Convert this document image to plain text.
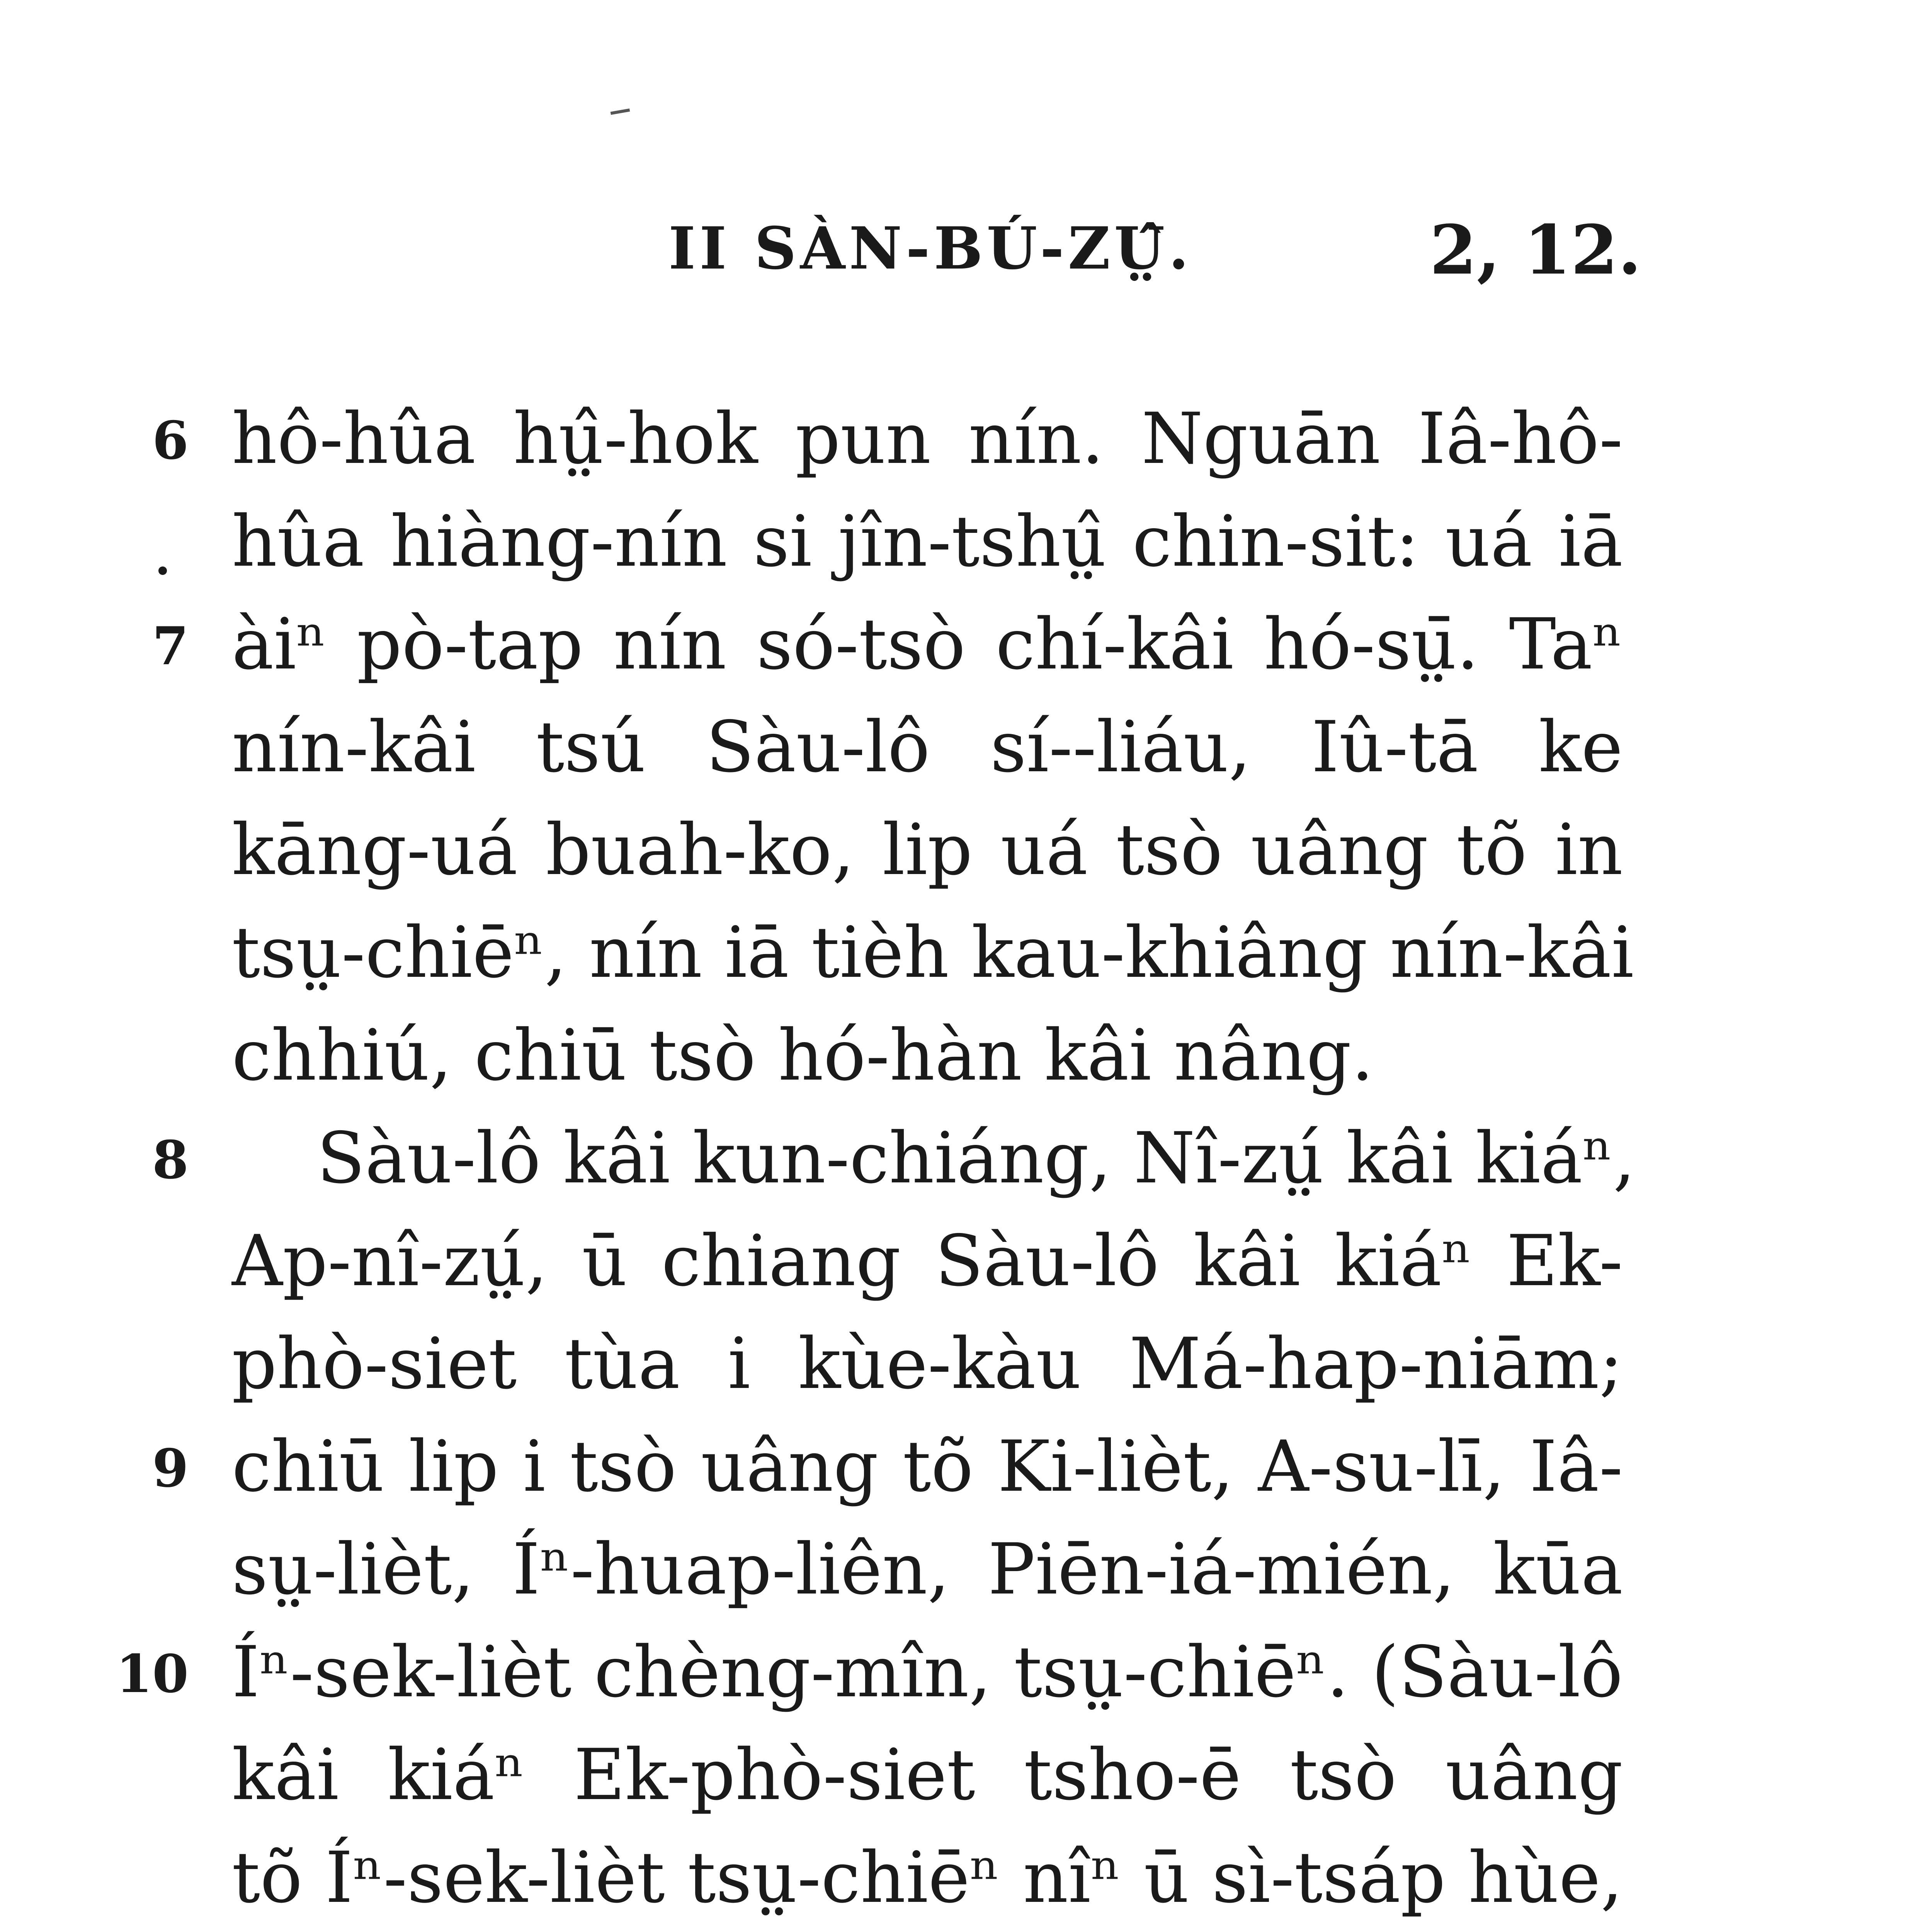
II SÀN-BÚ-ZṲ̂.	2, 12.
6 hô-hûa hṳ̂-hok pun nín. Nguān Iâ-hô-
hûa hiàng-nín si jîn-tshṳ̂ chin-sit: uá iā
7 àiⁿ pò-tap nín só-tsò chí-kâi hó-sṳ̄. Taⁿ
nín-kâi tsú Sàu-lô sí--liáu, Iû-tā ke
kāng-uá buah-ko, lip uá tsò uâng tõ in
tsṳ-chiēⁿ, nín iā tièh kau-khiâng nín-kâi
chhiú, chiū tsò hó-hàn kâi nâng.
8 Sàu-lô kâi kun-chiáng, Nî-zṳ́ kâi kiáⁿ,
Ap-nî-zṳ́, ū chiang Sàu-lô kâi kiáⁿ Ek-
phò-siet tùa i kùe-kàu Má-hap-niām;
9 chiū lip i tsò uâng tõ Ki-lièt, A-su-lī, Iâ-
sṳ-lièt, Íⁿ-huap-liên, Piēn-iá-mién, kūa
10 Íⁿ-sek-lièt chèng-mîn, tsṳ-chiēⁿ. (Sàu-lô
kâi kiáⁿ Ek-phò-siet tsho-ē tsò uâng
tõ Íⁿ-sek-lièt tsṳ-chiēⁿ nîⁿ ū sì-tsáp hùe,
